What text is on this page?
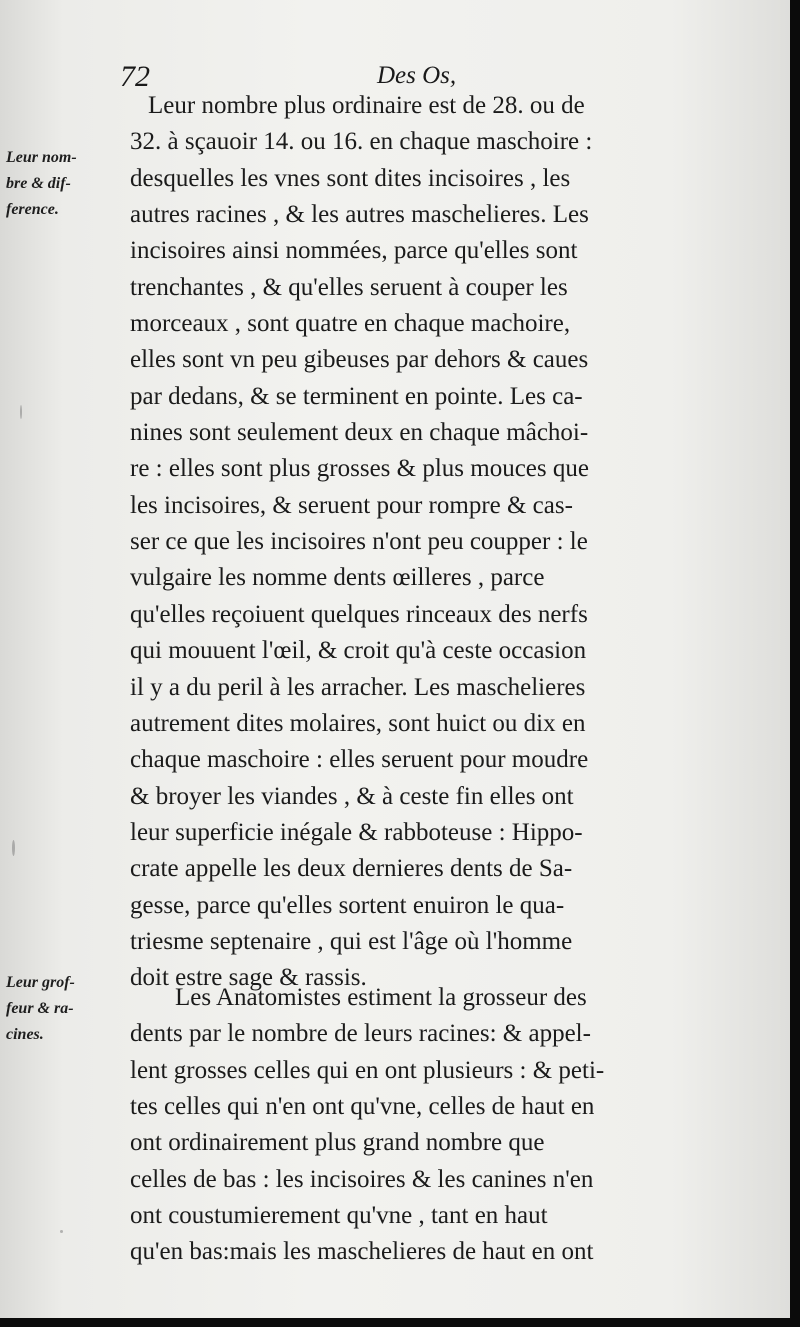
72	Des Os,
Leur nom-
bre & dif-
ference.
Leur grof-
feur & ra-
cines.
Leur nombre plus ordinaire est de 28. ou de
32. à sçauoir 14. ou 16. en chaque maschoire :
desquelles les vnes sont dites incisoires , les
autres racines , & les autres maschelieres. Les
incisoires ainsi nommées, parce qu'elles sont
trenchantes , & qu'elles seruent à couper les
morceaux , sont quatre en chaque machoire,
elles sont vn peu gibeuses par dehors & caues
par dedans, & se terminent en pointe. Les ca-
nines sont seulement deux en chaque mâchoi-
re : elles sont plus grosses & plus mouces que
les incisoires, & seruent pour rompre & cas-
ser ce que les incisoires n'ont peu coupper : le
vulgaire les nomme dents œilleres , parce
qu'elles reçoiuent quelques rinceaux des nerfs
qui mouuent l'œil, & croit qu'à ceste occasion
il y a du peril à les arracher. Les maschelieres
autrement dites molaires, sont huict ou dix en
chaque maschoire : elles seruent pour moudre
& broyer les viandes , & à ceste fin elles ont
leur superficie inégale & rabboteuse : Hippo-
crate appelle les deux dernieres dents de Sa-
gesse, parce qu'elles sortent enuiron le qua-
triesme septenaire , qui est l'âge où l'homme
doit estre sage & rassis.
Les Anatomistes estiment la grosseur des
dents par le nombre de leurs racines: & appel-
lent grosses celles qui en ont plusieurs : & peti-
tes celles qui n'en ont qu'vne, celles de haut en
ont ordinairement plus grand nombre que
celles de bas : les incisoires & les canines n'en
ont coustumierement qu'vne , tant en haut
qu'en bas:mais les maschelieres de haut en ont
